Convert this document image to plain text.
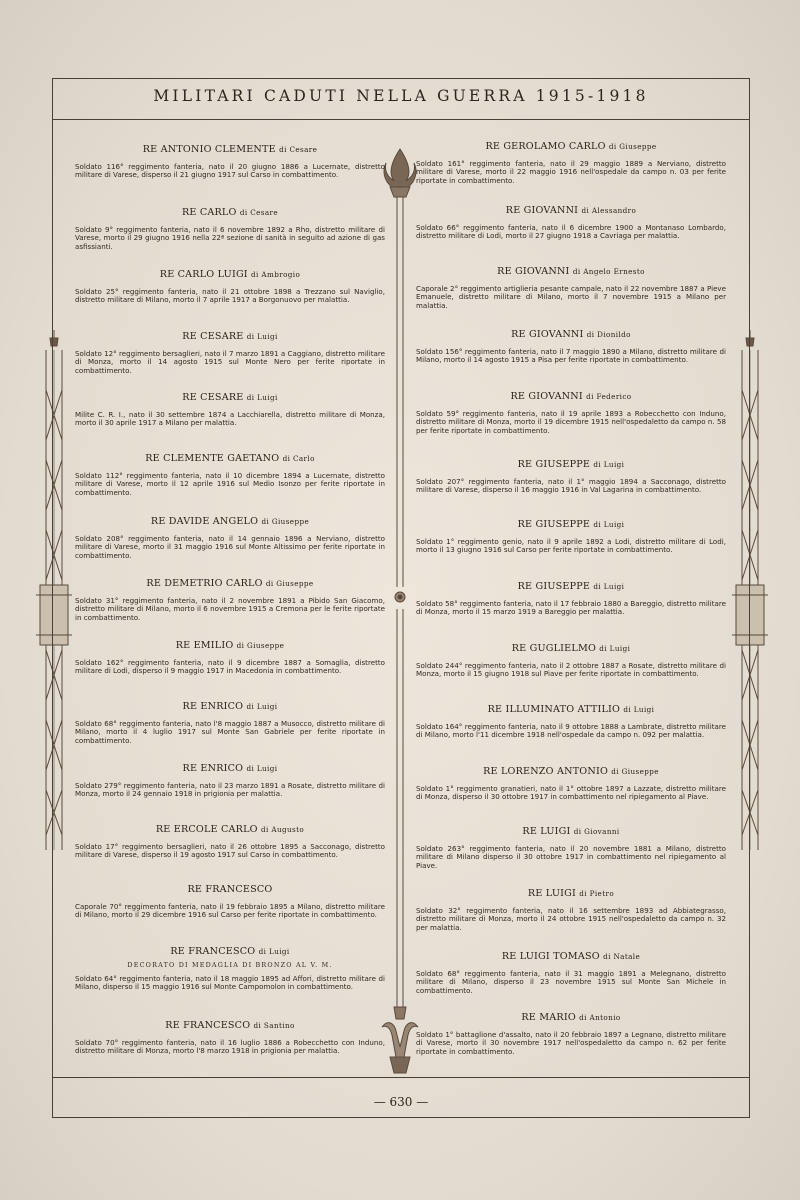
MILITARI CADUTI NELLA GUERRA 1915-1918
— 630 —
RE ANTONIO CLEMENTE di Cesare
Soldato 116° reggimento fanteria, nato il 20 giugno 1886 a Lucernate, distretto militare di Varese, disperso il 21 giugno 1917 sul Carso in combattimento.
RE CARLO di Cesare
Soldato 9° reggimento fanteria, nato il 6 novembre 1892 a Rho, distretto militare di Varese, morto il 29 giugno 1916 nella 22ª sezione di sanità in seguito ad azione di gas asfissianti.
RE CARLO LUIGI di Ambrogio
Soldato 25° reggimento fanteria, nato il 21 ottobre 1898 a Trezzano sul Naviglio, distretto militare di Milano, morto il 7 aprile 1917 a Borgonuovo per malattia.
RE CESARE di Luigi
Soldato 12° reggimento bersaglieri, nato il 7 marzo 1891 a Caggiano, distretto militare di Monza, morto il 14 agosto 1915 sul Monte Nero per ferite riportate in combattimento.
RE CESARE di Luigi
Milite C. R. I., nato il 30 settembre 1874 a Lacchiarella, distretto militare di Monza, morto il 30 aprile 1917 a Milano per malattia.
RE CLEMENTE GAETANO di Carlo
Soldato 112° reggimento fanteria, nato il 10 dicembre 1894 a Lucernate, distretto militare di Varese, morto il 12 aprile 1916 sul Medio Isonzo per ferite riportate in combattimento.
RE DAVIDE ANGELO di Giuseppe
Soldato 208° reggimento fanteria, nato il 14 gennaio 1896 a Nerviano, distretto militare di Varese, morto il 31 maggio 1916 sul Monte Altissimo per ferite riportate in combattimento.
RE DEMETRIO CARLO di Giuseppe
Soldato 31° reggimento fanteria, nato il 2 novembre 1891 a Pibido San Giacomo, distretto militare di Milano, morto il 6 novembre 1915 a Cremona per le ferite riportate in combattimento.
RE EMILIO di Giuseppe
Soldato 162° reggimento fanteria, nato il 9 dicembre 1887 a Somaglia, distretto militare di Lodi, disperso il 9 maggio 1917 in Macedonia in combattimento.
RE ENRICO di Luigi
Soldato 68° reggimento fanteria, nato l'8 maggio 1887 a Musocco, distretto militare di Milano, morto il 4 luglio 1917 sul Monte San Gabriele per ferite riportate in combattimento.
RE ENRICO di Luigi
Soldato 279° reggimento fanteria, nato il 23 marzo 1891 a Rosate, distretto militare di Monza, morto il 24 gennaio 1918 in prigionia per malattia.
RE ERCOLE CARLO di Augusto
Soldato 17° reggimento bersaglieri, nato il 26 ottobre 1895 a Sacconago, distretto militare di Varese, disperso il 19 agosto 1917 sul Carso in combattimento.
RE FRANCESCO
Caporale 70° reggimento fanteria, nato il 19 febbraio 1895 a Milano, distretto militare di Milano, morto il 29 dicembre 1916 sul Carso per ferite riportate in combattimento.
RE FRANCESCO di Luigi
DECORATO DI MEDAGLIA DI BRONZO AL V. M.
Soldato 64° reggimento fanteria, nato il 18 maggio 1895 ad Affori, distretto militare di Milano, disperso il 15 maggio 1916 sul Monte Campomolon in combattimento.
RE FRANCESCO di Santino
Soldato 70° reggimento fanteria, nato il 16 luglio 1886 a Robecchetto con Induno, distretto militare di Monza, morto l'8 marzo 1918 in prigionia per malattia.
RE GEROLAMO CARLO di Giuseppe
Soldato 161° reggimento fanteria, nato il 29 maggio 1889 a Nerviano, distretto militare di Varese, morto il 22 maggio 1916 nell'ospedale da campo n. 03 per ferite riportate in combattimento.
RE GIOVANNI di Alessandro
Soldato 66° reggimento fanteria, nato il 6 dicembre 1900 a Montanaso Lombardo, distretto militare di Lodi, morto il 27 giugno 1918 a Cavriaga per malattia.
RE GIOVANNI di Angelo Ernesto
Caporale 2° reggimento artiglieria pesante campale, nato il 22 novembre 1887 a Pieve Emanuele, distretto militare di Milano, morto il 7 novembre 1915 a Milano per malattia.
RE GIOVANNI di Dionildo
Soldato 156° reggimento fanteria, nato il 7 maggio 1890 a Milano, distretto militare di Milano, morto il 14 agosto 1915 a Pisa per ferite riportate in combattimento.
RE GIOVANNI di Federico
Soldato 59° reggimento fanteria, nato il 19 aprile 1893 a Robecchetto con Induno, distretto militare di Monza, morto il 19 dicembre 1915 nell'ospedaletto da campo n. 58 per ferite riportate in combattimento.
RE GIUSEPPE di Luigi
Soldato 207° reggimento fanteria, nato il 1° maggio 1894 a Sacconago, distretto militare di Varese, disperso il 16 maggio 1916 in Val Lagarina in combattimento.
RE GIUSEPPE di Luigi
Soldato 1° reggimento genio, nato il 9 aprile 1892 a Lodi, distretto militare di Lodi, morto il 13 giugno 1916 sul Carso per ferite riportate in combattimento.
RE GIUSEPPE di Luigi
Soldato 58° reggimento fanteria, nato il 17 febbraio 1880 a Bareggio, distretto militare di Monza, morto il 15 marzo 1919 a Bareggio per malattia.
RE GUGLIELMO di Luigi
Soldato 244° reggimento fanteria, nato il 2 ottobre 1887 a Rosate, distretto militare di Monza, morto il 15 giugno 1918 sul Piave per ferite riportate in combattimento.
RE ILLUMINATO ATTILIO di Luigi
Soldato 164° reggimento fanteria, nato il 9 ottobre 1888 a Lambrate, distretto militare di Milano, morto l'11 dicembre 1918 nell'ospedale da campo n. 092 per malattia.
RE LORENZO ANTONIO di Giuseppe
Soldato 1° reggimento granatieri, nato il 1° ottobre 1897 a Lazzate, distretto militare di Monza, disperso il 30 ottobre 1917 in combattimento nel ripiegamento al Piave.
RE LUIGI di Giovanni
Soldato 263° reggimento fanteria, nato il 20 novembre 1881 a Milano, distretto militare di Milano disperso il 30 ottobre 1917 in combattimento nel ripiegamento al Piave.
RE LUIGI di Pietro
Soldato 32° reggimento fanteria, nato il 16 settembre 1893 ad Abbiategrasso, distretto militare di Monza, morto il 24 ottobre 1915 nell'ospedaletto da campo n. 32 per malattia.
RE LUIGI TOMASO di Natale
Soldato 68° reggimento fanteria, nato il 31 maggio 1891 a Melegnano, distretto militare di Milano, disperso il 23 novembre 1915 sul Monte San Michele in combattimento.
RE MARIO di Antonio
Soldato 1° battaglione d'assalto, nato il 20 febbraio 1897 a Legnano, distretto militare di Varese, morto il 30 novembre 1917 nell'ospedaletto da campo n. 62 per ferite riportate in combattimento.
